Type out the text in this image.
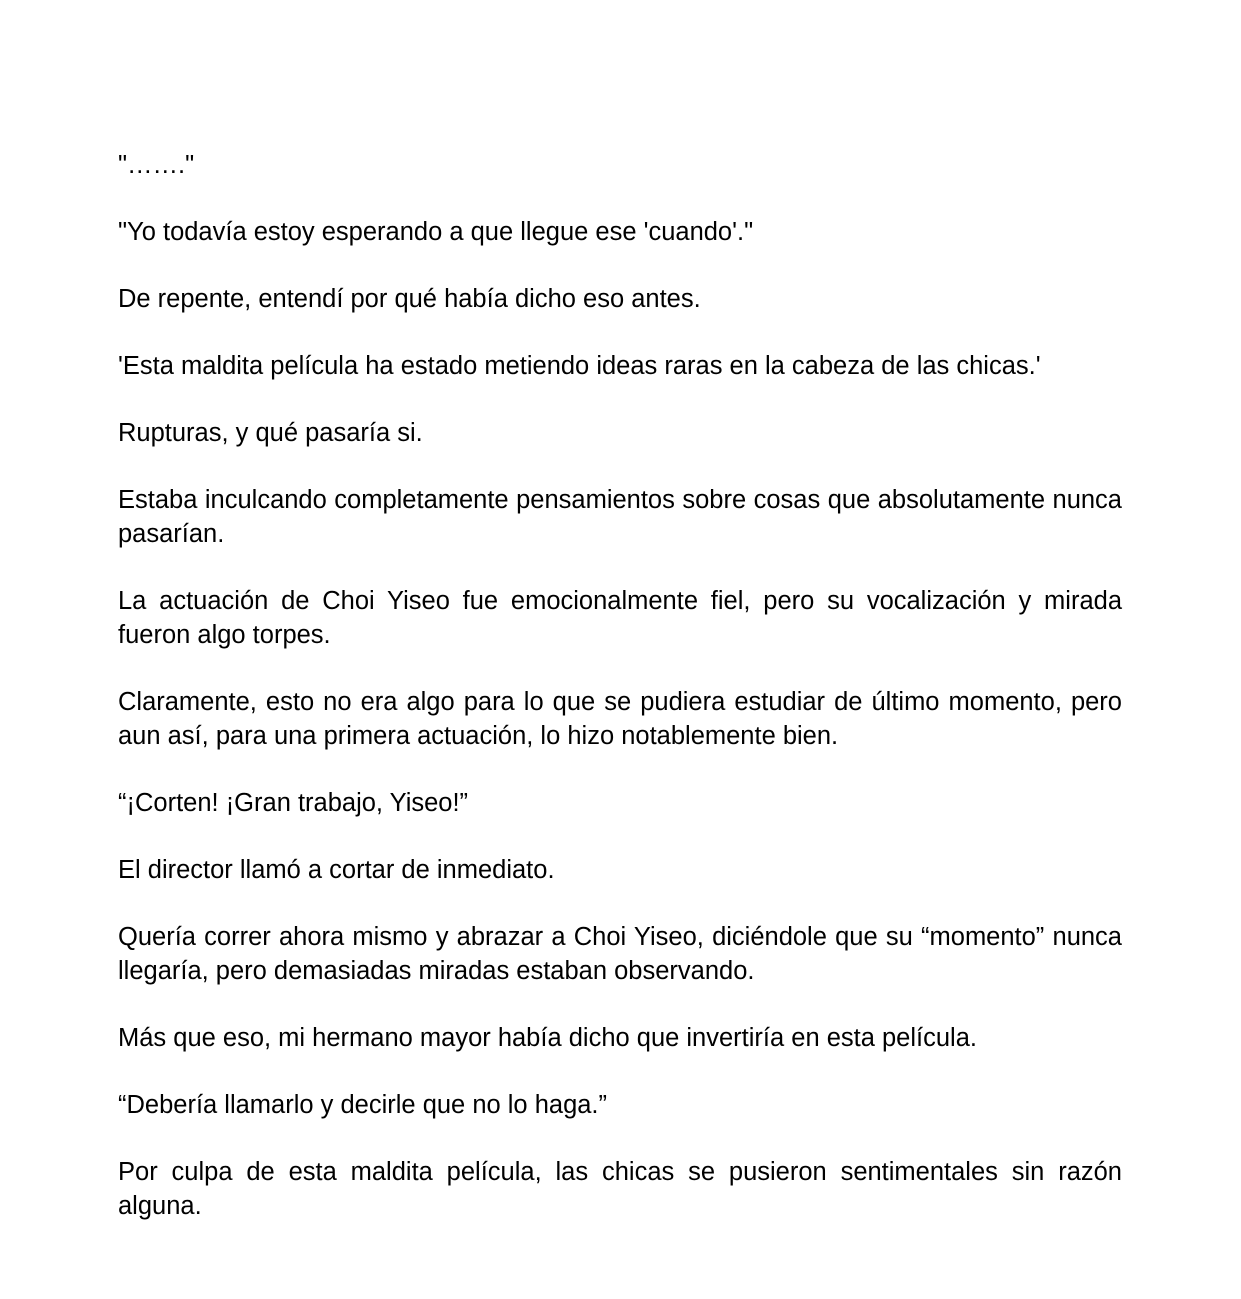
"……."

"Yo todavía estoy esperando a que llegue ese 'cuando'."

De repente, entendí por qué había dicho eso antes.

'Esta maldita película ha estado metiendo ideas raras en la cabeza de las chicas.'

Rupturas, y qué pasaría si.

Estaba inculcando completamente pensamientos sobre cosas que absolutamente nunca pasarían.

La actuación de Choi Yiseo fue emocionalmente fiel, pero su vocalización y mirada fueron algo torpes.

Claramente, esto no era algo para lo que se pudiera estudiar de último momento, pero aun así, para una primera actuación, lo hizo notablemente bien.

“¡Corten! ¡Gran trabajo, Yiseo!”

El director llamó a cortar de inmediato.

Quería correr ahora mismo y abrazar a Choi Yiseo, diciéndole que su “momento” nunca llegaría, pero demasiadas miradas estaban observando.

Más que eso, mi hermano mayor había dicho que invertiría en esta película.

“Debería llamarlo y decirle que no lo haga.”

Por culpa de esta maldita película, las chicas se pusieron sentimentales sin razón alguna.
